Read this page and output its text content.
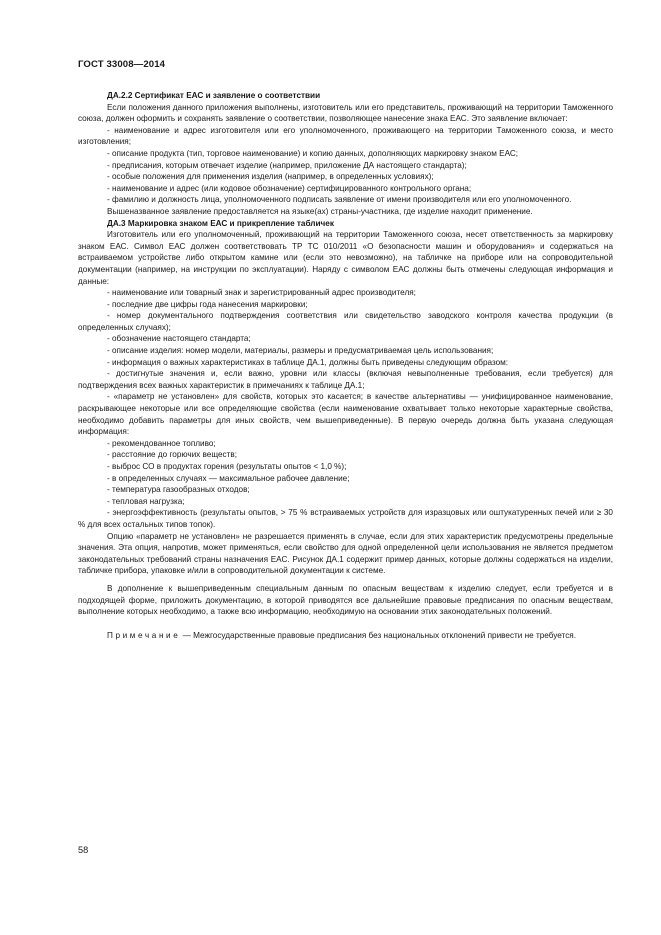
ГОСТ 33008—2014

ДА.2.2 Сертификат ЕАС и заявление о соответствии

Если положения данного приложения выполнены, изготовитель или его представитель, проживающий на территории Таможенного союза, должен оформить и сохранять заявление о соответствии, позволяющее нанесение знака ЕАС. Это заявление включает:

- наименование и адрес изготовителя или его уполномоченного, проживающего на территории Таможенного союза, и место изготовления;

- описание продукта (тип, торговое наименование) и копию данных, дополняющих маркировку знаком ЕАС;

- предписания, которым отвечает изделие (например, приложение ДА настоящего стандарта);

- особые положения для применения изделия (например, в определенных условиях);

- наименование и адрес (или кодовое обозначение) сертифицированного контрольного органа;

- фамилию и должность лица, уполномоченного подписать заявление от имени производителя или его уполномоченного.

Вышеназванное заявление предоставляется на языке(ах) страны-участника, где изделие находит применение.

ДА.3 Маркировка знаком ЕАС и прикрепление табличек

Изготовитель или его уполномоченный, проживающий на территории Таможенного союза, несет ответственность за маркировку знаком ЕАС. Символ ЕАС должен соответствовать ТР ТС 010/2011 «О безопасности машин и оборудования» и содержаться на встраиваемом устройстве либо открытом камине или (если это невозможно), на табличке на приборе или на сопроводительной документации (например, на инструкции по эксплуатации). Наряду с символом ЕАС должны быть отмечены следующая информация и данные:

- наименование или товарный знак и зарегистрированный адрес производителя;

- последние две цифры года нанесения маркировки;

- номер документального подтверждения соответствия или свидетельство заводского контроля качества продукции (в определенных случаях);

- обозначение настоящего стандарта;

- описание изделия: номер модели, материалы, размеры и предусматриваемая цель использования;

- информация о важных характеристиках в таблице ДА.1, должны быть приведены следующим образом:

- достигнутые значения и, если важно, уровни или классы (включая невыполненные требования, если требуется) для подтверждения всех важных характеристик в примечаниях к таблице ДА.1;

- «параметр не установлен» для свойств, которых это касается; в качестве альтернативы — унифицированное наименование, раскрывающее некоторые или все определяющие свойства (если наименование охватывает только некоторые характерные свойства, необходимо добавить параметры для иных свойств, чем вышеприведенные). В первую очередь должна быть указана следующая информация:

- рекомендованное топливо;

- расстояние до горючих веществ;

- выброс СО в продуктах горения (результаты опытов < 1,0 %);

- в определенных случаях — максимальное рабочее давление;

- температура газообразных отходов;

- тепловая нагрузка;

- энергоэффективность (результаты опытов, > 75 % встраиваемых устройств для изразцовых или оштукатуренных печей или ≥ 30 % для всех остальных типов топок).

Опцию «параметр не установлен» не разрешается применять в случае, если для этих характеристик предусмотрены предельные значения. Эта опция, напротив, может применяться, если свойство для одной определенной цели использования не является предметом законодательных требований страны назначения ЕАС. Рисунок ДА.1 содержит пример данных, которые должны содержаться на изделии, табличке прибора, упаковке и/или в сопроводительной документации к системе.

В дополнение к вышеприведенным специальным данным по опасным веществам к изделию следует, если требуется и в подходящей форме, приложить документацию, в которой приводятся все дальнейшие правовые предписания по опасным веществам, выполнение которых необходимо, а также всю информацию, необходимую на основании этих законодательных положений.

Примечание — Межгосударственные правовые предписания без национальных отклонений привести не требуется.

58
